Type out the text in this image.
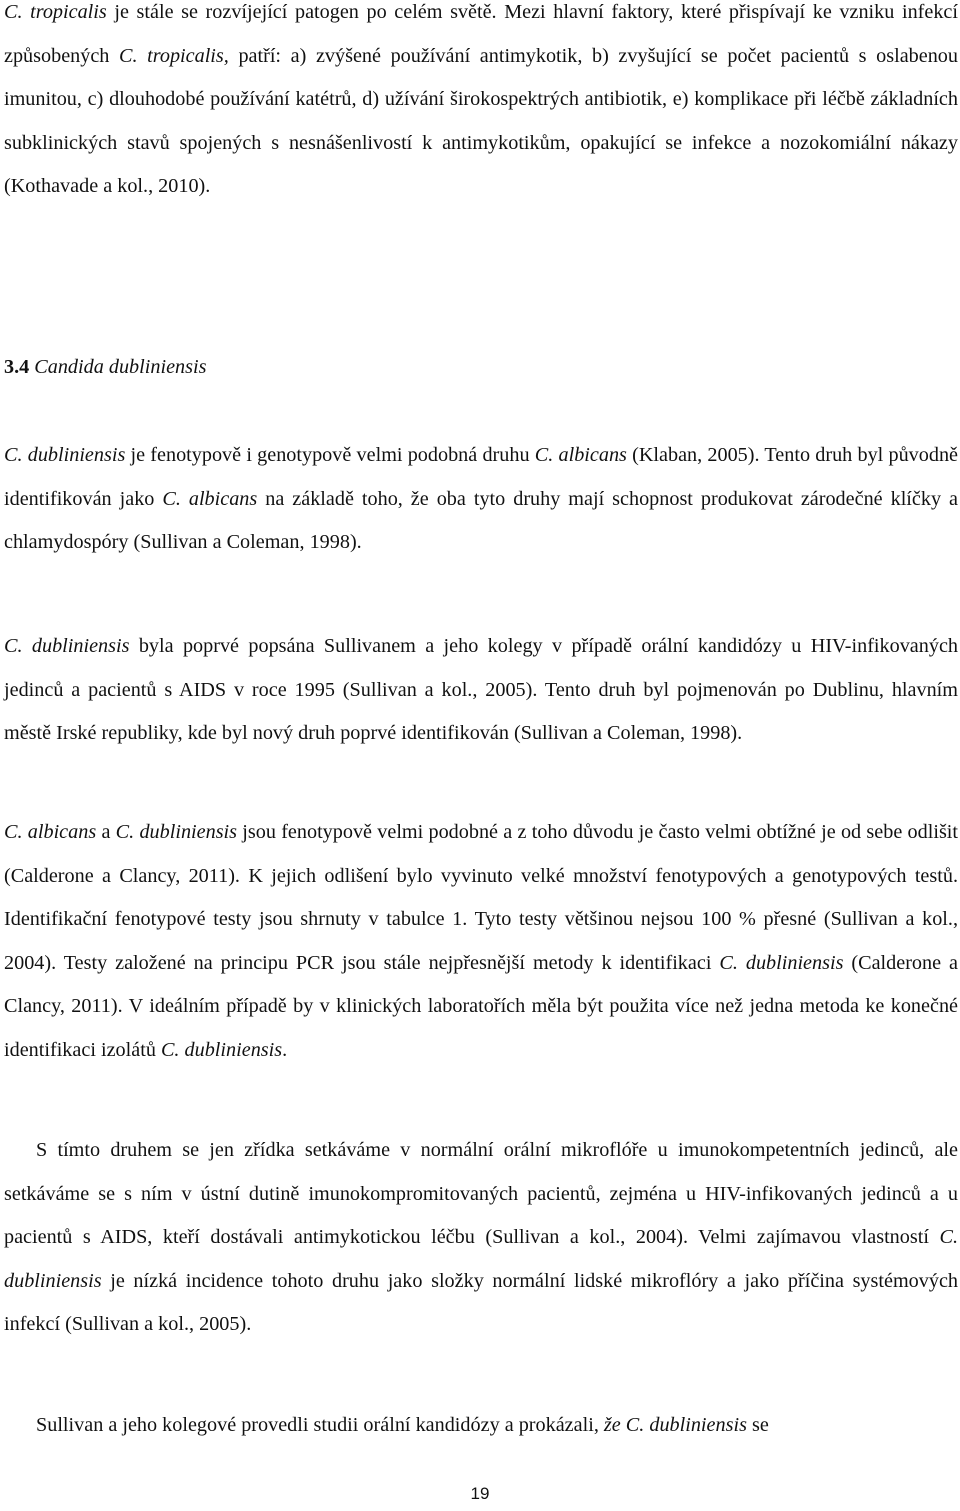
C. tropicalis je stále se rozvíjející patogen po celém světě. Mezi hlavní faktory, které přispívají ke vzniku infekcí způsobených C. tropicalis, patří: a) zvýšené používání antimykotik, b) zvyšující se počet pacientů s oslabenou imunitou, c) dlouhodobé používání katétrů, d) užívání širokospektrých antibiotik, e) komplikace při léčbě základních subklinických stavů spojených s nesnášenlivostí k antimykotikům, opakující se infekce a nozokomiální nákazy (Kothavade a kol., 2010).

3.4 Candida dubliniensis

C. dubliniensis je fenotypově i genotypově velmi podobná druhu C. albicans (Klaban, 2005). Tento druh byl původně identifikován jako C. albicans na základě toho, že oba tyto druhy mají schopnost produkovat zárodečné klíčky a chlamydospóry (Sullivan a Coleman, 1998).

C. dubliniensis byla poprvé popsána Sullivanem a jeho kolegy v případě orální kandidózy u HIV-infikovaných jedinců a pacientů s AIDS v roce 1995 (Sullivan a kol., 2005). Tento druh byl pojmenován po Dublinu, hlavním městě Irské republiky, kde byl nový druh poprvé identifikován (Sullivan a Coleman, 1998).

C. albicans a C. dubliniensis jsou fenotypově velmi podobné a z toho důvodu je často velmi obtížné je od sebe odlišit (Calderone a Clancy, 2011). K jejich odlišení bylo vyvinuto velké množství fenotypových a genotypových testů. Identifikační fenotypové testy jsou shrnuty v tabulce 1. Tyto testy většinou nejsou 100 % přesné (Sullivan a kol., 2004). Testy založené na principu PCR jsou stále nejpřesnější metody k identifikaci C. dubliniensis (Calderone a Clancy, 2011). V ideálním případě by v klinických laboratořích měla být použita více než jedna metoda ke konečné identifikaci izolátů C. dubliniensis.

S tímto druhem se jen zřídka setkáváme v normální orální mikroflóře u imunokompetentních jedinců, ale setkáváme se s ním v ústní dutině imunokompromitovaných pacientů, zejména u HIV-infikovaných jedinců a u pacientů s AIDS, kteří dostávali antimykotickou léčbu (Sullivan a kol., 2004). Velmi zajímavou vlastností C. dubliniensis je nízká incidence tohoto druhu jako složky normální lidské mikroflóry a jako příčina systémových infekcí (Sullivan a kol., 2005).

Sullivan a jeho kolegové provedli studii orální kandidózy a prokázali, že C. dubliniensis se

19
